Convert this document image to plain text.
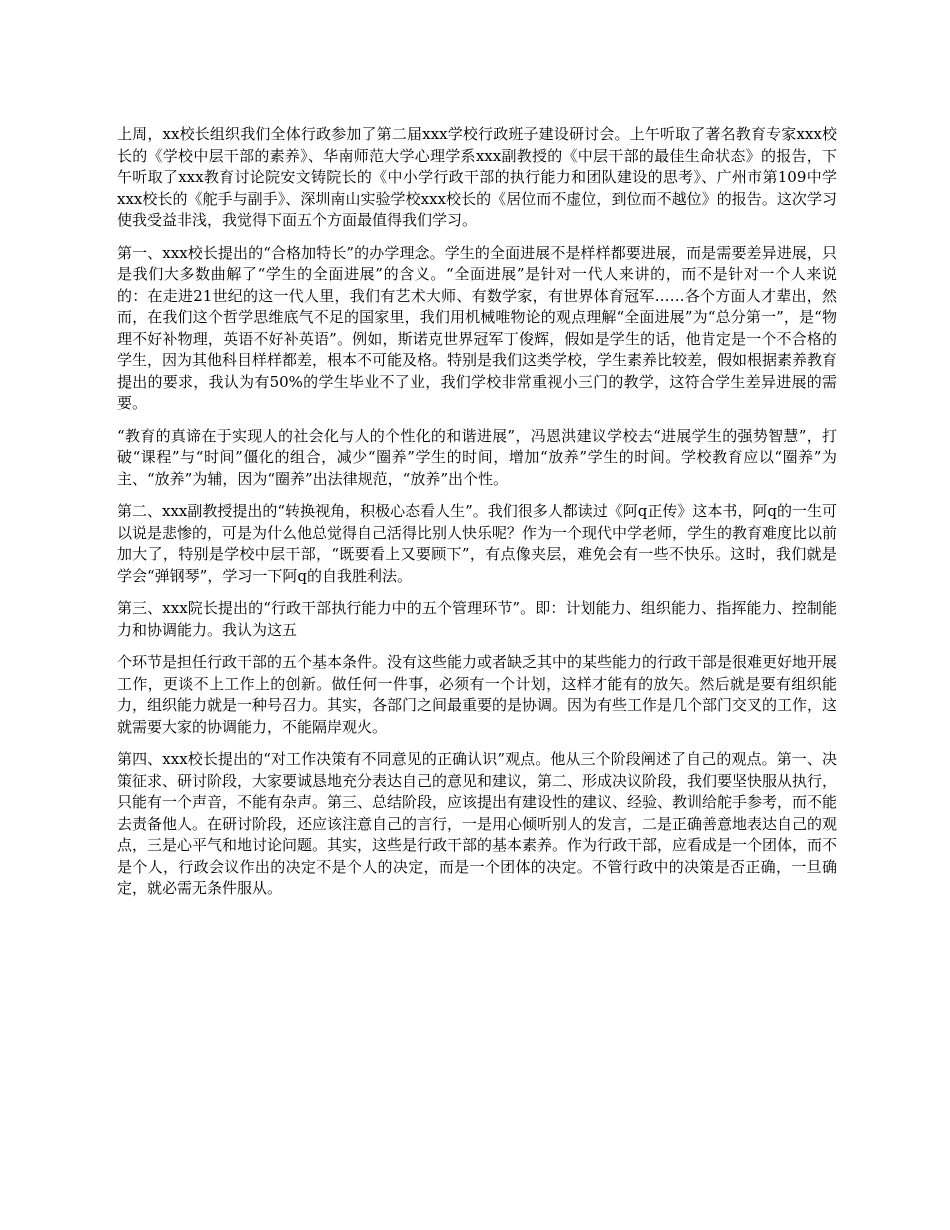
上周，xx校长组织我们全体行政参加了第二届xxx学校行政班子建设研讨会。上午听取了著名教育专家xxx校长的《学校中层干部的素养》、华南师范大学心理学系xxx副教授的《中层干部的最佳生命状态》的报告，下午听取了xxx教育讨论院安文铸院长的《中小学行政干部的执行能力和团队建设的思考》、广州市第109中学xxx校长的《舵手与副手》、深圳南山实验学校xxx校长的《居位而不虚位，到位而不越位》的报告。这次学习使我受益非浅，我觉得下面五个方面最值得我们学习。

第一、xxx校长提出的“合格加特长”的办学理念。学生的全面进展不是样样都要进展，而是需要差异进展，只是我们大多数曲解了“学生的全面进展”的含义。“全面进展”是针对一代人来讲的，而不是针对一个人来说的：在走进21世纪的这一代人里，我们有艺术大师、有数学家，有世界体育冠军……各个方面人才辈出，然而，在我们这个哲学思维底气不足的国家里，我们用机械唯物论的观点理解“全面进展”为“总分第一”，是“物理不好补物理，英语不好补英语”。例如，斯诺克世界冠军丁俊辉，假如是学生的话，他肯定是一个不合格的学生，因为其他科目样样都差，根本不可能及格。特别是我们这类学校，学生素养比较差，假如根据素养教育提出的要求，我认为有50%的学生毕业不了业，我们学校非常重视小三门的教学，这符合学生差异进展的需要。

“教育的真谛在于实现人的社会化与人的个性化的和谐进展”，冯恩洪建议学校去“进展学生的强势智慧”，打破“课程”与“时间”僵化的组合，减少“圈养”学生的时间，增加“放养”学生的时间。学校教育应以“圈养”为主、“放养”为辅，因为“圈养”出法律规范，“放养”出个性。

第二、xxx副教授提出的“转换视角，积极心态看人生”。我们很多人都读过《阿q正传》这本书，阿q的一生可以说是悲惨的，可是为什么他总觉得自己活得比别人快乐呢？作为一个现代中学老师，学生的教育难度比以前加大了，特别是学校中层干部，“既要看上又要顾下”，有点像夹层，难免会有一些不快乐。这时，我们就是学会“弹钢琴”，学习一下阿q的自我胜利法。

第三、xxx院长提出的“行政干部执行能力中的五个管理环节”。即：计划能力、组织能力、指挥能力、控制能力和协调能力。我认为这五

个环节是担任行政干部的五个基本条件。没有这些能力或者缺乏其中的某些能力的行政干部是很难更好地开展工作，更谈不上工作上的创新。做任何一件事，必须有一个计划，这样才能有的放矢。然后就是要有组织能力，组织能力就是一种号召力。其实，各部门之间最重要的是协调。因为有些工作是几个部门交叉的工作，这就需要大家的协调能力，不能隔岸观火。

第四、xxx校长提出的“对工作决策有不同意见的正确认识”观点。他从三个阶段阐述了自己的观点。第一、决策征求、研讨阶段，大家要诚恳地充分表达自己的意见和建议，第二、形成决议阶段，我们要坚快服从执行，只能有一个声音，不能有杂声。第三、总结阶段，应该提出有建设性的建议、经验、教训给舵手参考，而不能去责备他人。在研讨阶段，还应该注意自己的言行，一是用心倾听别人的发言，二是正确善意地表达自己的观点，三是心平气和地讨论问题。其实，这些是行政干部的基本素养。作为行政干部，应看成是一个团体，而不是个人，行政会议作出的决定不是个人的决定，而是一个团体的决定。不管行政中的决策是否正确，一旦确定，就必需无条件服从。
